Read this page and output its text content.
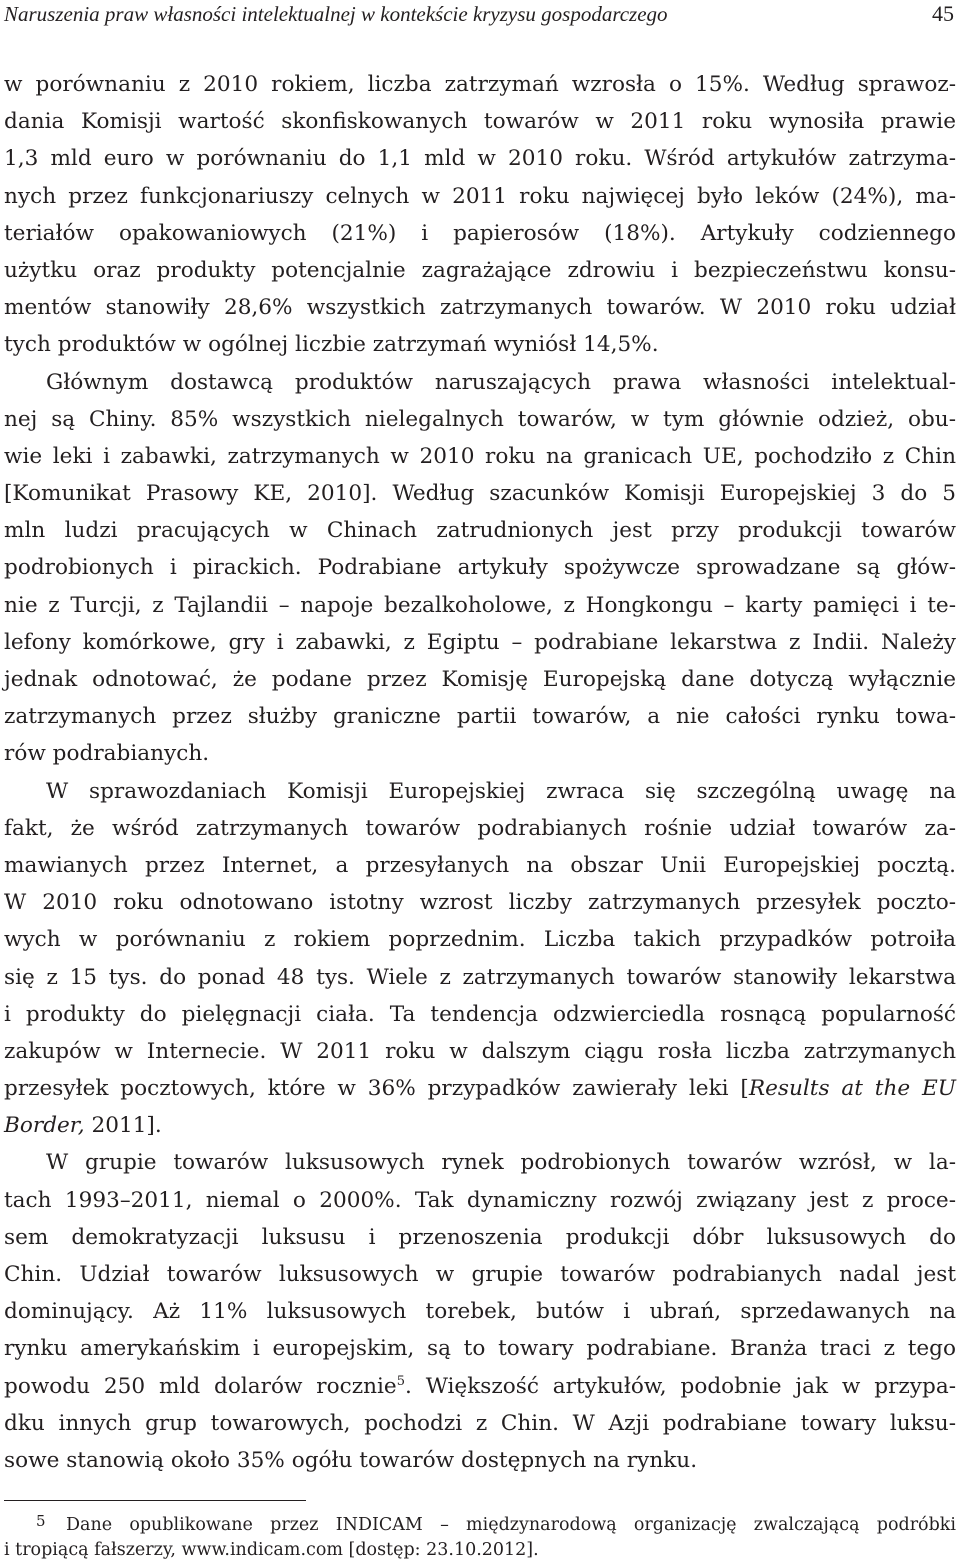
Naruszenia praw własności intelektualnej w kontekście kryzysu gospodarczego	45
w porównaniu z 2010 rokiem, liczba zatrzymań wzrosła o 15%. Według sprawoz-
dania Komisji wartość skonfiskowanych towarów w 2011 roku wynosiła prawie
1,3 mld euro w porównaniu do 1,1 mld w 2010 roku. Wśród artykułów zatrzyma-
nych przez funkcjonariuszy celnych w 2011 roku najwięcej było leków (24%), ma-
teriałów opakowaniowych (21%) i papierosów (18%). Artykuły codziennego
użytku oraz produkty potencjalnie zagrażające zdrowiu i bezpieczeństwu konsu-
mentów stanowiły 28,6% wszystkich zatrzymanych towarów. W 2010 roku udział
tych produktów w ogólnej liczbie zatrzymań wyniósł 14,5%.
Głównym dostawcą produktów naruszających prawa własności intelektual-
nej są Chiny. 85% wszystkich nielegalnych towarów, w tym głównie odzież, obu-
wie leki i zabawki, zatrzymanych w 2010 roku na granicach UE, pochodziło z Chin
[Komunikat Prasowy KE, 2010]. Według szacunków Komisji Europejskiej 3 do 5
mln ludzi pracujących w Chinach zatrudnionych jest przy produkcji towarów
podrobionych i pirackich. Podrabiane artykuły spożywcze sprowadzane są głów-
nie z Turcji, z Tajlandii – napoje bezalkoholowe, z Hongkongu – karty pamięci i te-
lefony komórkowe, gry i zabawki, z Egiptu – podrabiane lekarstwa z Indii. Należy
jednak odnotować, że podane przez Komisję Europejską dane dotyczą wyłącznie
zatrzymanych przez służby graniczne partii towarów, a nie całości rynku towa-
rów podrabianych.
W sprawozdaniach Komisji Europejskiej zwraca się szczególną uwagę na
fakt, że wśród zatrzymanych towarów podrabianych rośnie udział towarów za-
mawianych przez Internet, a przesyłanych na obszar Unii Europejskiej pocztą.
W 2010 roku odnotowano istotny wzrost liczby zatrzymanych przesyłek poczto-
wych w porównaniu z rokiem poprzednim. Liczba takich przypadków potroiła
się z 15 tys. do ponad 48 tys. Wiele z zatrzymanych towarów stanowiły lekarstwa
i produkty do pielęgnacji ciała. Ta tendencja odzwierciedla rosnącą popularność
zakupów w Internecie. W 2011 roku w dalszym ciągu rosła liczba zatrzymanych
przesyłek pocztowych, które w 36% przypadków zawierały leki [Results at the EU
Border, 2011].
W grupie towarów luksusowych rynek podrobionych towarów wzrósł, w la-
tach 1993–2011, niemal o 2000%. Tak dynamiczny rozwój związany jest z proce-
sem demokratyzacji luksusu i przenoszenia produkcji dóbr luksusowych do
Chin. Udział towarów luksusowych w grupie towarów podrabianych nadal jest
dominujący. Aż 11% luksusowych torebek, butów i ubrań, sprzedawanych na
rynku amerykańskim i europejskim, są to towary podrabiane. Branża traci z tego
powodu 250 mld dolarów rocznie$^5$. Większość artykułów, podobnie jak w przypa-
dku innych grup towarowych, pochodzi z Chin. W Azji podrabiane towary luksu-
sowe stanowią około 35% ogółu towarów dostępnych na rynku.
5 Dane opublikowane przez INDICAM – międzynarodową organizację zwalczającą podróbki
i tropiącą fałszerzy, www.indicam.com [dostęp: 23.10.2012].
